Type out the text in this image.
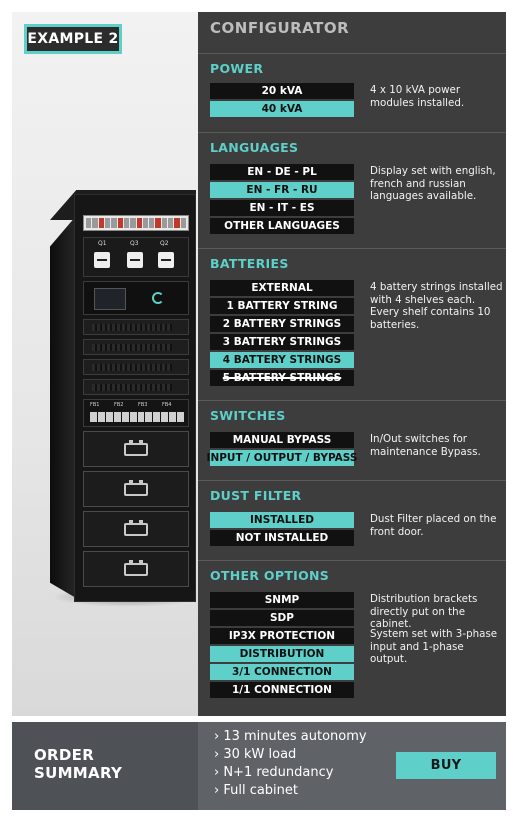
EXAMPLE 2
Q1	Q3	Q2
FB1	FB2	FB3	FB4
CONFIGURATOR
POWER
20 kVA
40 kVA
4 x 10 kVA power modules installed.
LANGUAGES
EN - DE - PL
EN - FR - RU
EN - IT - ES
OTHER LANGUAGES
Display set with english, french and russian languages available.
BATTERIES
EXTERNAL
1 BATTERY STRING
2 BATTERY STRINGS
3 BATTERY STRINGS
4 BATTERY STRINGS
5 BATTERY STRINGS
4 battery strings installed with 4 shelves each. Every shelf contains 10 batteries.
SWITCHES
MANUAL BYPASS
INPUT / OUTPUT / BYPASS
In/Out switches for maintenance Bypass.
DUST FILTER
INSTALLED
NOT INSTALLED
Dust Filter placed on the front door.
OTHER OPTIONS
SNMP
SDP
IP3X PROTECTION
DISTRIBUTION
3/1 CONNECTION
1/1 CONNECTION
Distribution brackets directly put on the cabinet.
System set with 3-phase input and 1-phase output.
ORDER
SUMMARY
› 13 minutes autonomy
› 30 kW load
› N+1 redundancy
› Full cabinet
BUY
